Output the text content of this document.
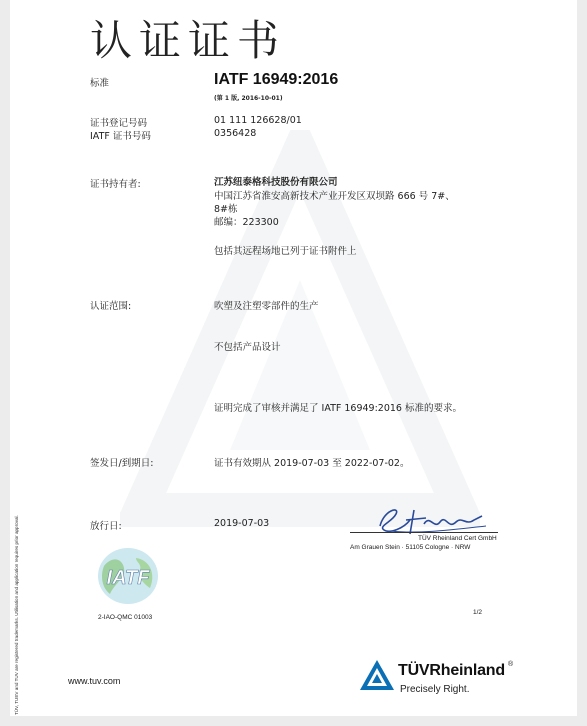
TÜV, TUEV and TUV are registered trademarks. Utilisation and application requires prior approval.
认证证书
标准	IATF 16949:2016
(第 1 版, 2016-10-01)
证书登记号码	01 111 126628/01
IATF 证书号码	0356428
证书持有者:	江苏纽泰格科技股份有限公司
中国江苏省淮安高新技术产业开发区双坝路 666 号 7#、
8#栋
邮编：223300
包括其远程场地已列于证书附件上
认证范围:	吹塑及注塑零部件的生产
不包括产品设计
证明完成了审核并满足了 IATF 16949:2016 标准的要求。
签发日/到期日:	证书有效期从 2019-07-03 至 2022-07-02。
放行日:	2019-07-03
TÜV Rheinland Cert GmbH
Am Grauen Stein · 51105 Cologne · NRW
IATF
2-IAO-QMC 01003
1/2
www.tuv.com
TÜVRheinland ®
Precisely Right.
